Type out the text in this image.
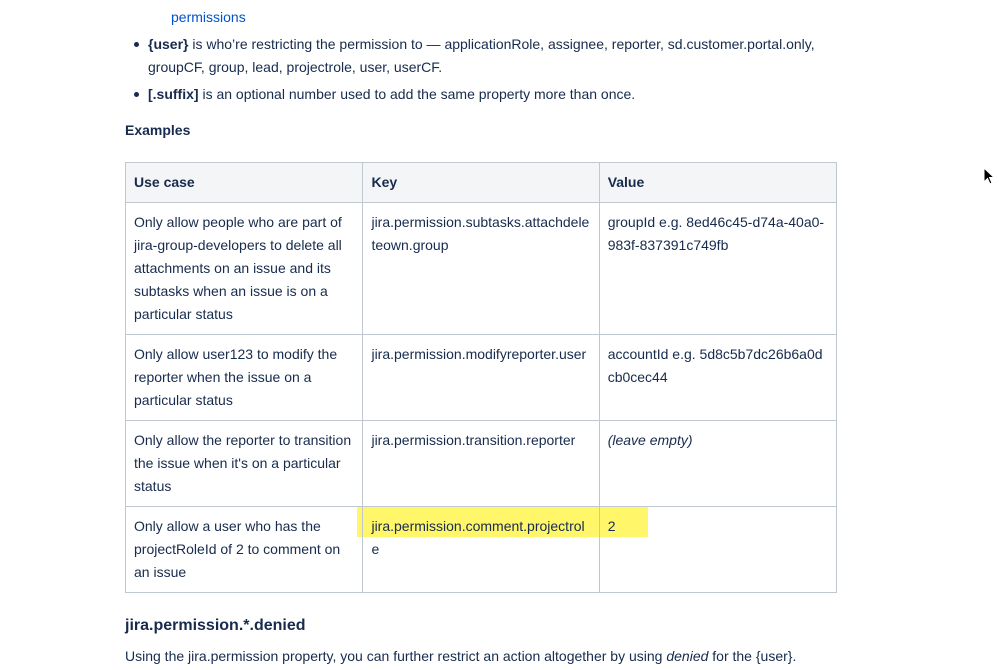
permissions
{user} is who’re restricting the permission to — applicationRole, assignee, reporter, sd.customer.portal.only, groupCF, group, lead, projectrole, user, userCF.
[.suffix] is an optional number used to add the same property more than once.
Examples
Use case	Key	Value
Only allow people who are part of jira-group-developers to delete all attachments on an issue and its subtasks when an issue is on a particular status	jira.permission.subtasks.attachdeleteown.group	groupId e.g. 8ed46c45-d74a-40a0-983f-837391c749fb
Only allow user123 to modify the reporter when the issue on a particular status	jira.permission.modifyreporter.user	accountId e.g. 5d8c5b7dc26b6a0dcb0cec44
Only allow the reporter to transition the issue when it's on a particular status	jira.permission.transition.reporter	(leave empty)
Only allow a user who has the projectRoleId of 2 to comment on an issue	jira.permission.comment.projectrole	2
jira.permission.*.denied
Using the jira.permission property, you can further restrict an action altogether by using denied for the {user}.
